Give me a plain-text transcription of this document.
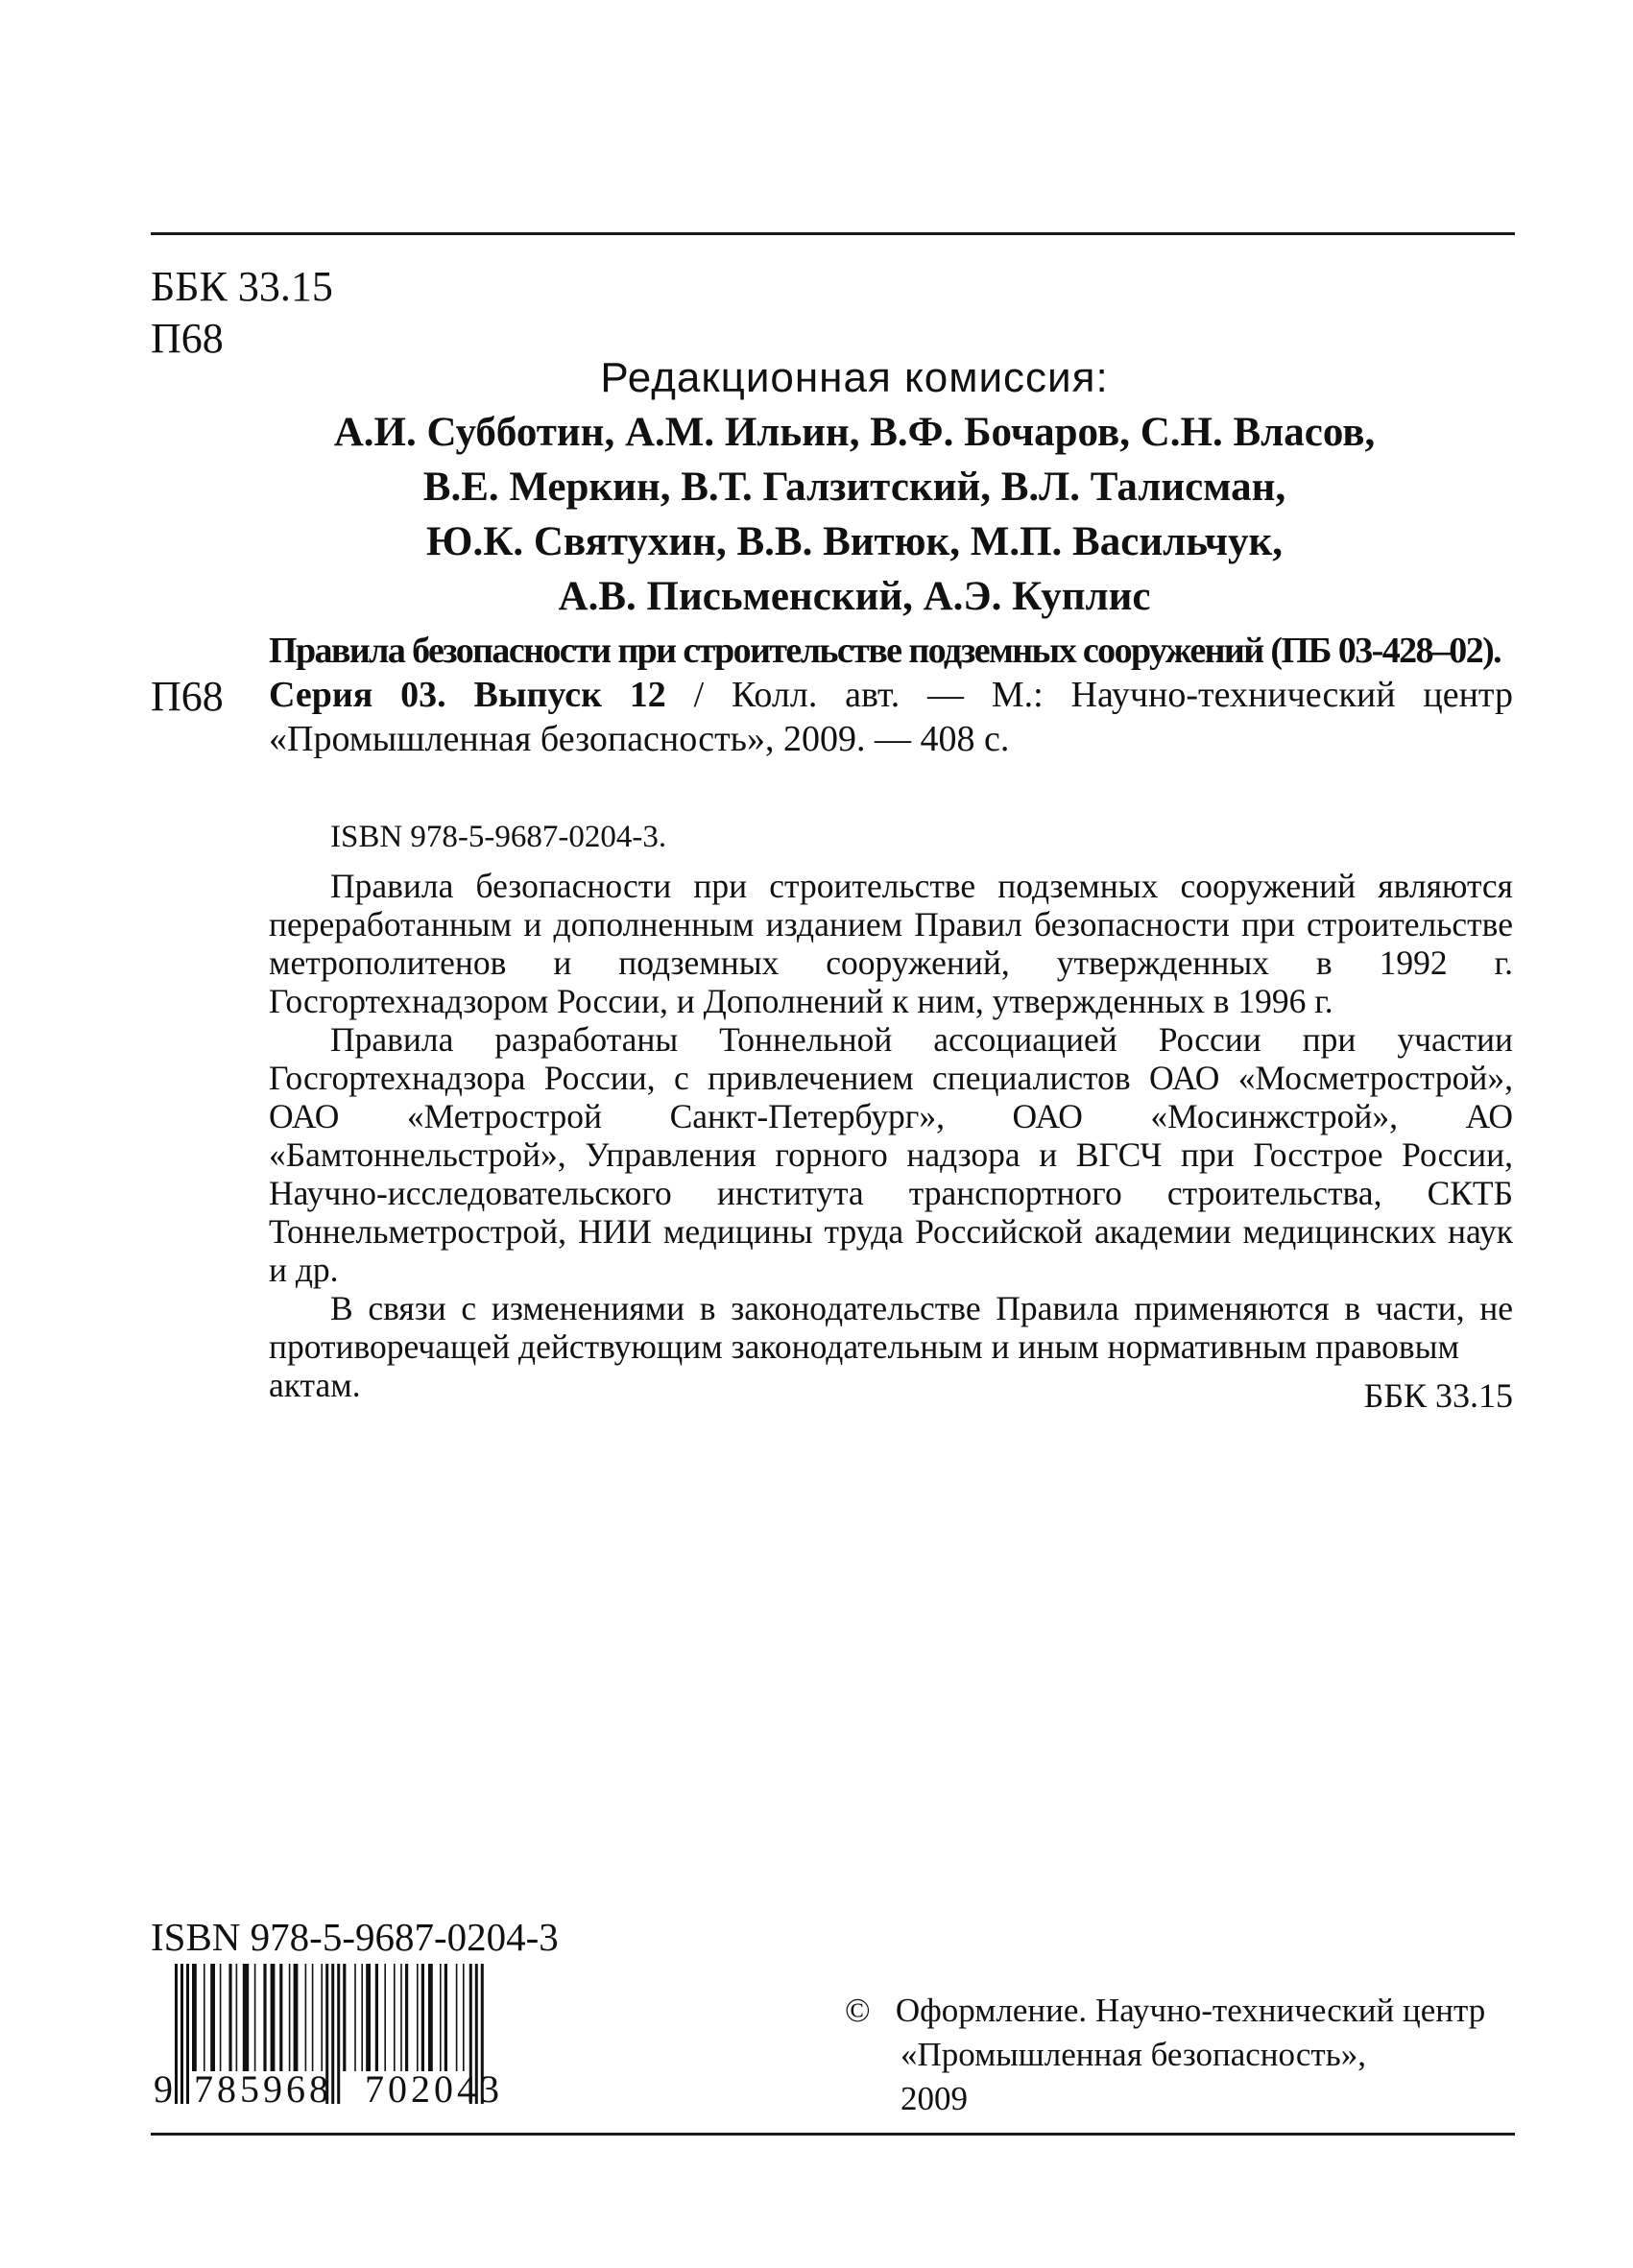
ББК 33.15
П68
Редакционная комиссия:
А.И. Субботин, А.М. Ильин, В.Ф. Бочаров, С.Н. Власов,
В.Е. Меркин, В.Т. Галзитский, В.Л. Талисман,
Ю.К. Святухин, В.В. Витюк, М.П. Васильчук,
А.В. Письменский, А.Э. Куплис
П68
Правила безопасности при строительстве подземных сооружений (ПБ 03-428–02).
Серия 03. Выпуск 12 / Колл. авт. — М.: Научно-технический центр «Промышленная безопасность», 2009. — 408 с.
ISBN 978-5-9687-0204-3.

Правила безопасности при строительстве подземных сооружений являются переработанным и дополненным изданием Правил безопасности при строительстве метрополитенов и подземных сооружений, утвержденных в 1992 г. Госгортехнадзором России, и Дополнений к ним, утвержденных в 1996 г.

Правила разработаны Тоннельной ассоциацией России при участии Госгортехнадзора России, с привлечением специалистов ОАО «Мосметрострой», ОАО «Метрострой Санкт-Петербург», ОАО «Мосинжстрой», АО «Бамтоннельстрой», Управления горного надзора и ВГСЧ при Госстрое России, Научно-исследовательского института транспортного строительства, СКТБ Тоннельметрострой, НИИ медицины труда Российской академии медицинских наук и др.

В связи с изменениями в законодательстве Правила применяются в части, не противоречащей действующим законодательным и иным нормативным правовым

актам.	ББК 33.15
ISBN 978-5-9687-0204-3
9 785968 702043
© Оформление. Научно-технический центр
«Промышленная безопасность»,
2009
